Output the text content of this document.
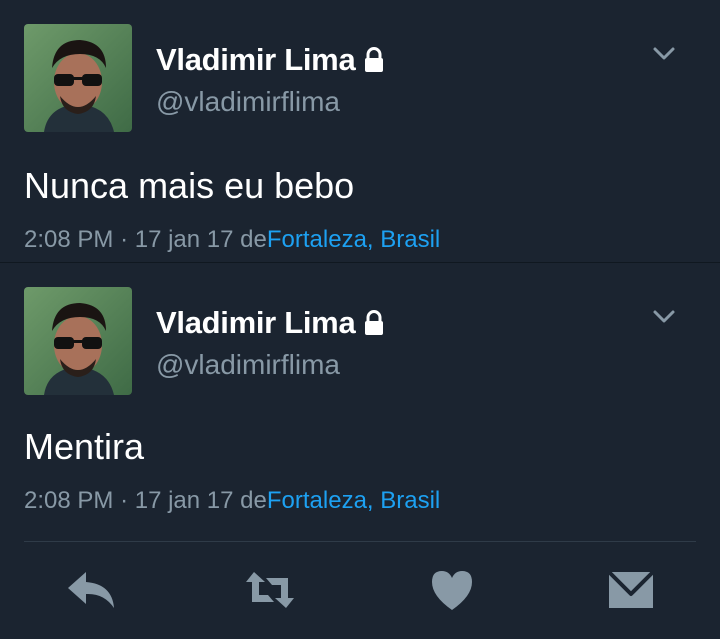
Vladimir Lima
@vladimirflima
Nunca mais eu bebo
2:08 PM · 17 jan 17 deFortaleza, Brasil
Vladimir Lima
@vladimirflima
Mentira
2:08 PM · 17 jan 17 deFortaleza, Brasil
